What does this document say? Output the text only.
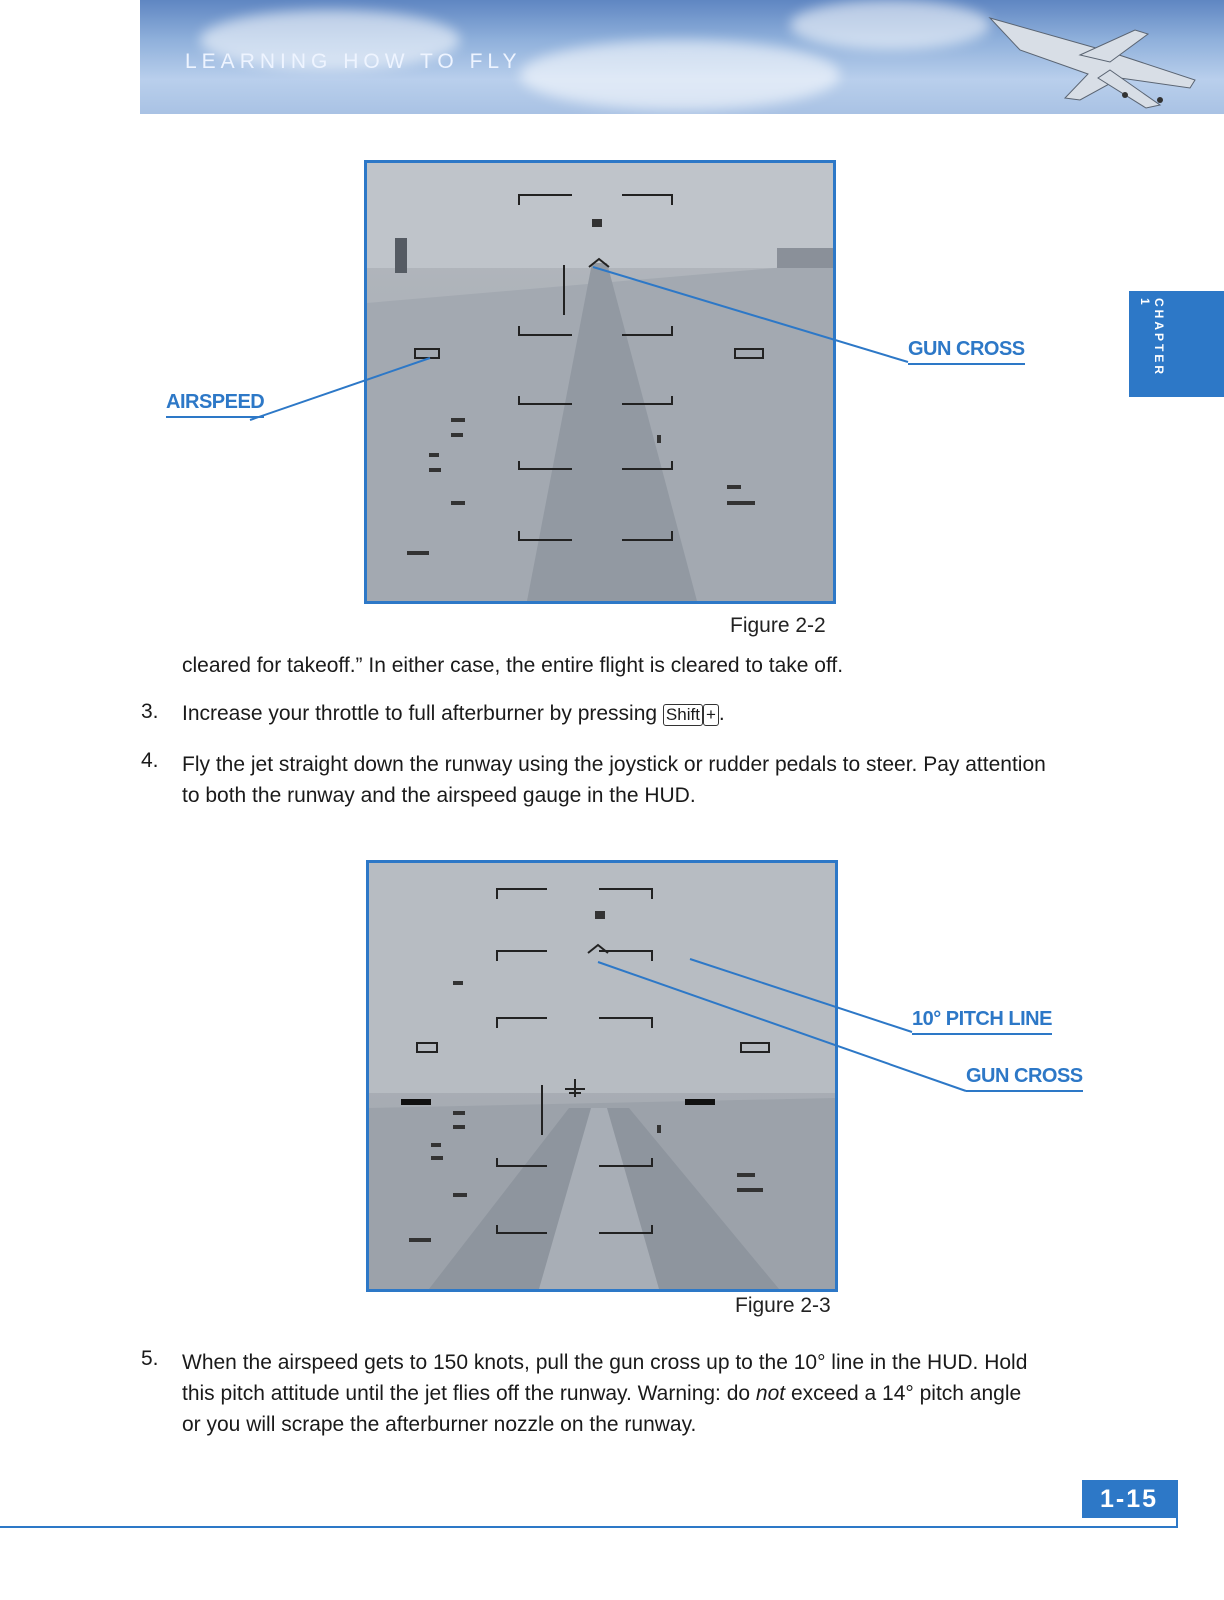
LEARNING HOW TO FLY
CHAPTER 1
GUN CROSS
AIRSPEED
10° PITCH LINE
GUN CROSS
Figure 2-2
Figure 2-3
cleared for takeoff.” In either case, the entire flight is cleared to take off.
3. Increase your throttle to full afterburner by pressing Shift + .
4. Fly the jet straight down the runway using the joystick or rudder pedals to steer. Pay attention
to both the runway and the airspeed gauge in the HUD.
5. When the airspeed gets to 150 knots, pull the gun cross up to the 10° line in the HUD. Hold
this pitch attitude until the jet flies off the runway. Warning: do not exceed a 14° pitch angle
or you will scrape the afterburner nozzle on the runway.
1-15
